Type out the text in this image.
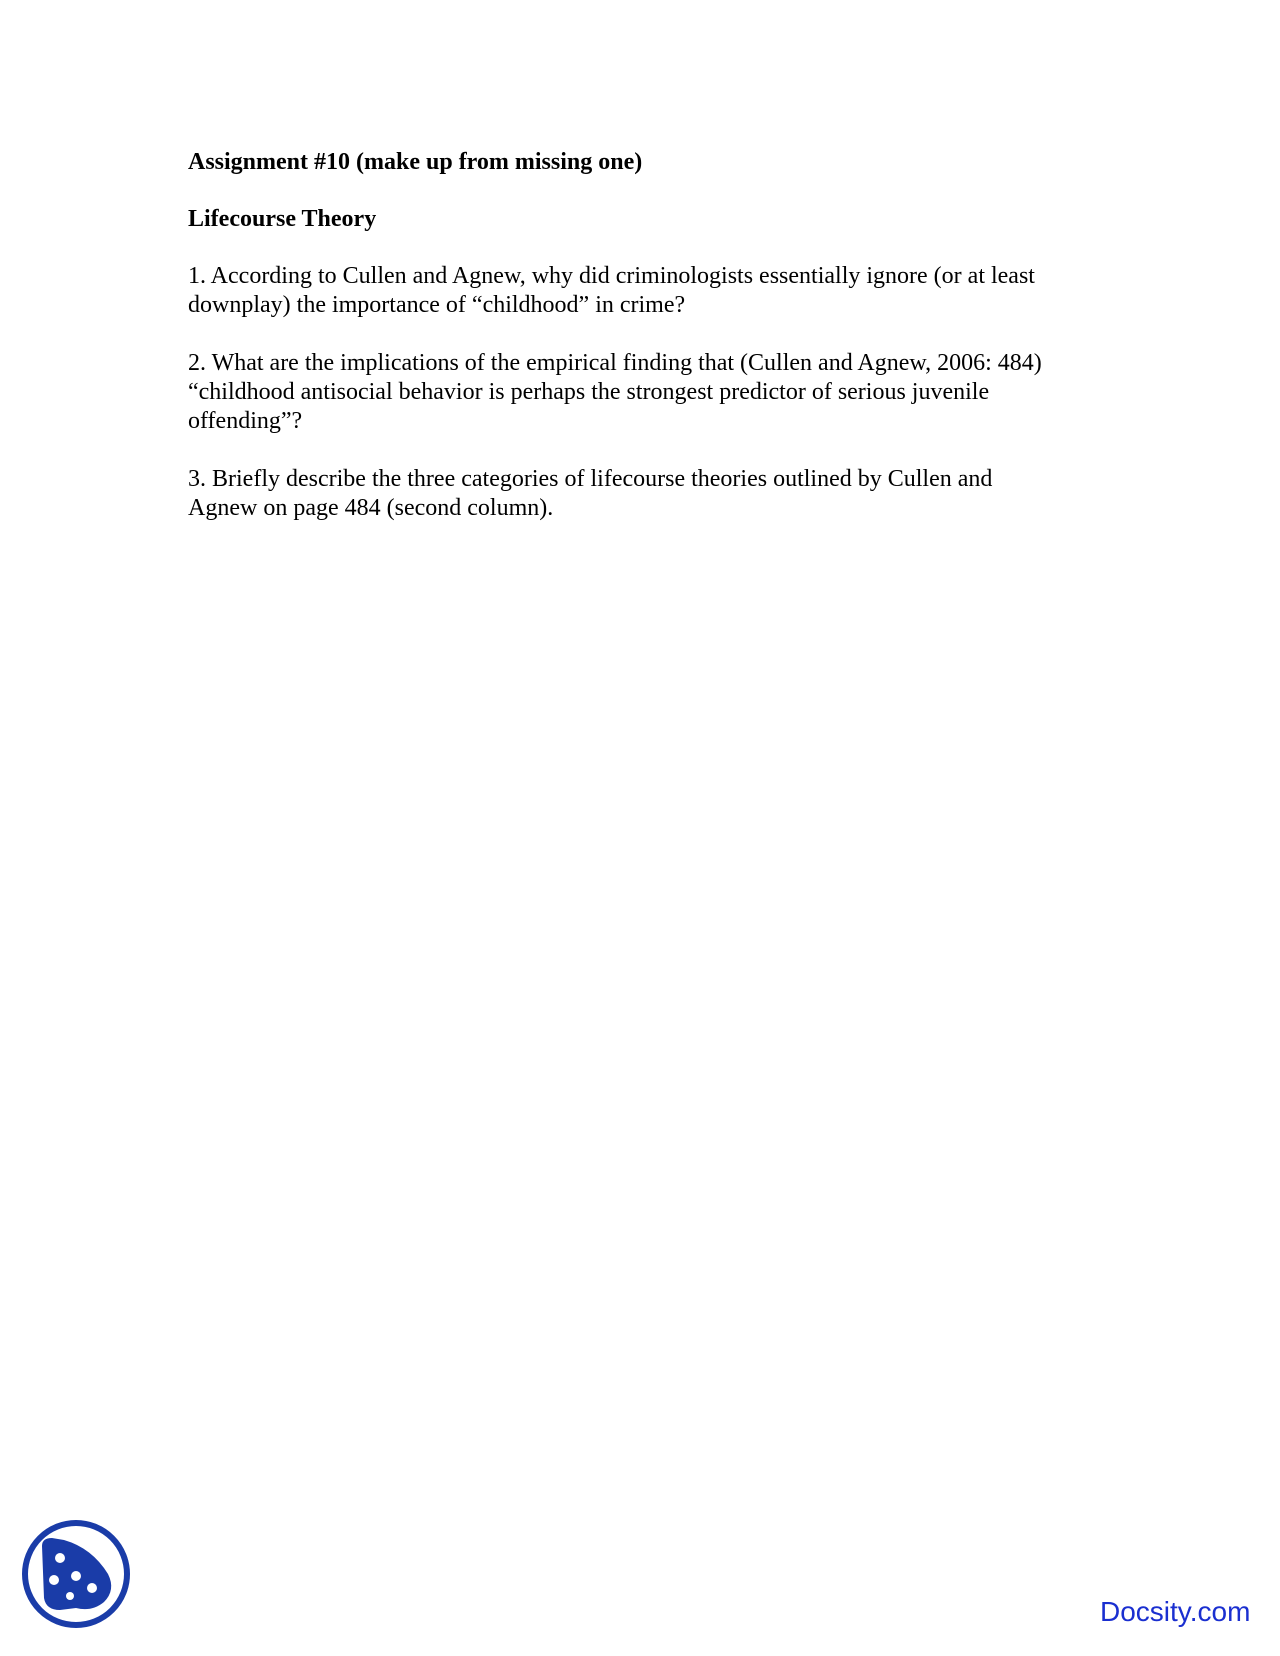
Assignment #10 (make up from missing one)

Lifecourse Theory

1. According to Cullen and Agnew, why did criminologists essentially ignore (or at least
downplay) the importance of “childhood” in crime?

2. What are the implications of the empirical finding that (Cullen and Agnew, 2006: 484)
“childhood antisocial behavior is perhaps the strongest predictor of serious juvenile
offending”?

3. Briefly describe the three categories of lifecourse theories outlined by Cullen and
Agnew on page 484 (second column).

Docsity.com
